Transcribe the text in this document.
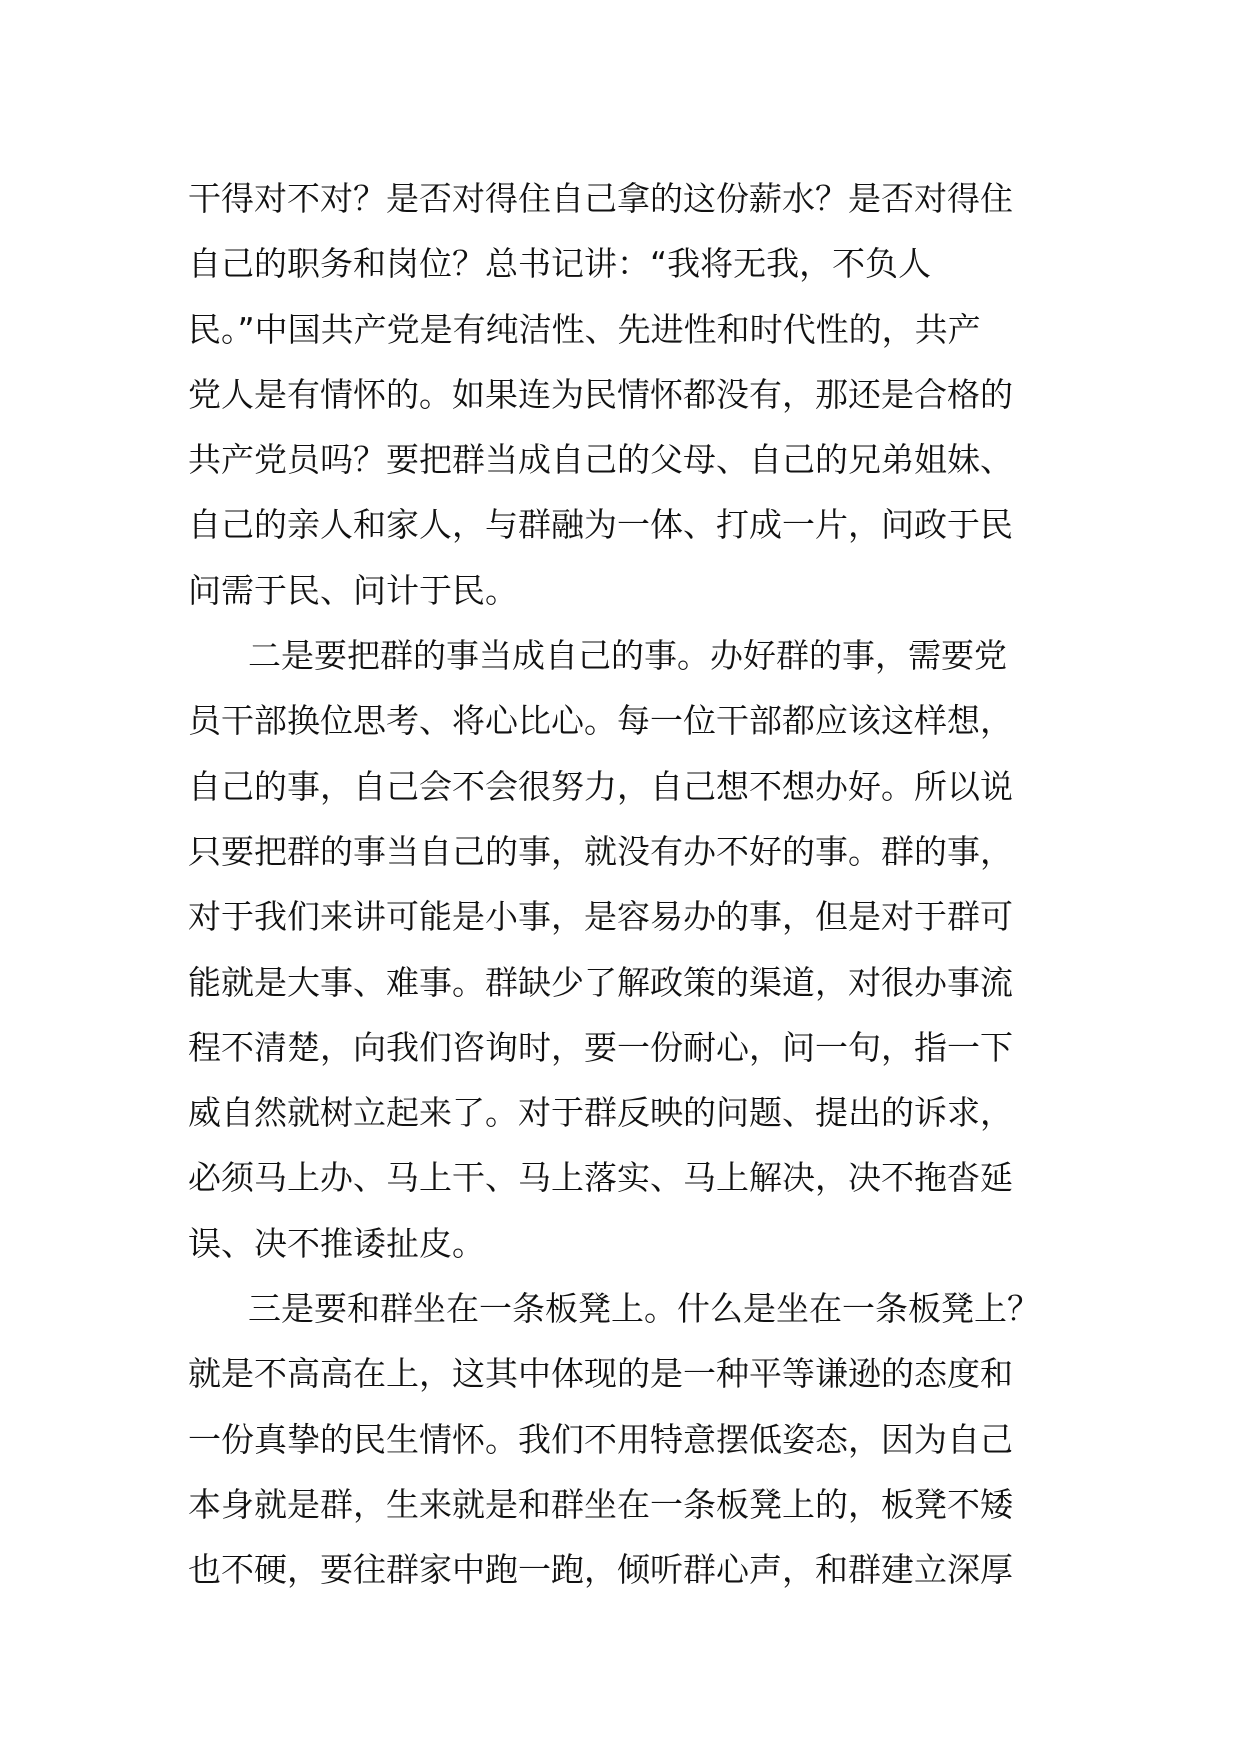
干得对不对？是否对得住自己拿的这份薪水？是否对得住
自己的职务和岗位？总书记讲：“我将无我，不负人
民。”中国共产党是有纯洁性、先进性和时代性的，共产
党人是有情怀的。如果连为民情怀都没有，那还是合格的
共产党员吗？要把群当成自己的父母、自己的兄弟姐妹、
自己的亲人和家人，与群融为一体、打成一片，问政于民
问需于民、问计于民。
二是要把群的事当成自己的事。办好群的事，需要党
员干部换位思考、将心比心。每一位干部都应该这样想，
自己的事，自己会不会很努力，自己想不想办好。所以说
只要把群的事当自己的事，就没有办不好的事。群的事，
对于我们来讲可能是小事，是容易办的事，但是对于群可
能就是大事、难事。群缺少了解政策的渠道，对很办事流
程不清楚，向我们咨询时，要一份耐心，问一句，指一下
威自然就树立起来了。对于群反映的问题、提出的诉求，
必须马上办、马上干、马上落实、马上解决，决不拖沓延
误、决不推诿扯皮。
三是要和群坐在一条板凳上。什么是坐在一条板凳上？
就是不高高在上，这其中体现的是一种平等谦逊的态度和
一份真挚的民生情怀。我们不用特意摆低姿态，因为自己
本身就是群，生来就是和群坐在一条板凳上的，板凳不矮
也不硬，要往群家中跑一跑，倾听群心声，和群建立深厚
